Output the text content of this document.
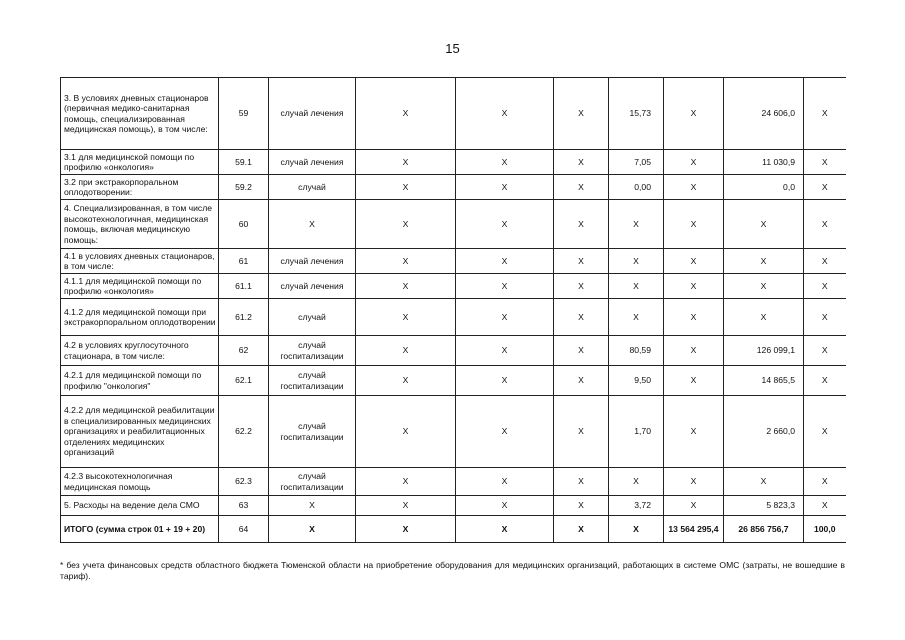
15
3. В условиях дневных стационаров (первичная медико-санитарная помощь, специализированная медицинская помощь), в том числе:	59	случай лечения	X	X	X	15,73	X	24 606,0	X
3.1 для медицинской помощи по профилю «онкология»	59.1	случай лечения	X	X	X	7,05	X	11 030,9	X
3.2 при экстракорпоральном оплодотворении:	59.2	случай	X	X	X	0,00	X	0,0	X
4. Специализированная, в том числе высокотехнологичная, медицинская помощь, включая медицинскую помощь:	60	X	X	X	X	X	X	X	X
4.1 в условиях дневных стационаров, в том числе:	61	случай лечения	X	X	X	X	X	X	X
4.1.1 для медицинской помощи по профилю «онкология»	61.1	случай лечения	X	X	X	X	X	X	X
4.1.2 для медицинской помощи при экстракорпоральном оплодотворении	61.2	случай	X	X	X	X	X	X	X
4.2 в условиях круглосуточного стационара, в том числе:	62	случай госпитализации	X	X	X	80,59	X	126 099,1	X
4.2.1 для медицинской помощи по профилю "онкология"	62.1	случай госпитализации	X	X	X	9,50	X	14 865,5	X
4.2.2 для медицинской реабилитации в специализированных медицинских организациях и реабилитационных отделениях медицинских организаций	62.2	случай госпитализации	X	X	X	1,70	X	2 660,0	X
4.2.3 высокотехнологичная медицинская помощь	62.3	случай госпитализации	X	X	X	X	X	X	X
5. Расходы на ведение дела СМО	63	X	X	X	X	3,72	X	5 823,3	X
ИТОГО (сумма строк 01 + 19 + 20)	64	X	X	X	X	X	13 564 295,4	26 856 756,7	100,0
* без учета финансовых средств областного бюджета Тюменской области на приобретение оборудования для медицинских организаций, работающих в системе ОМС (затраты, не вошедшие в тариф).
